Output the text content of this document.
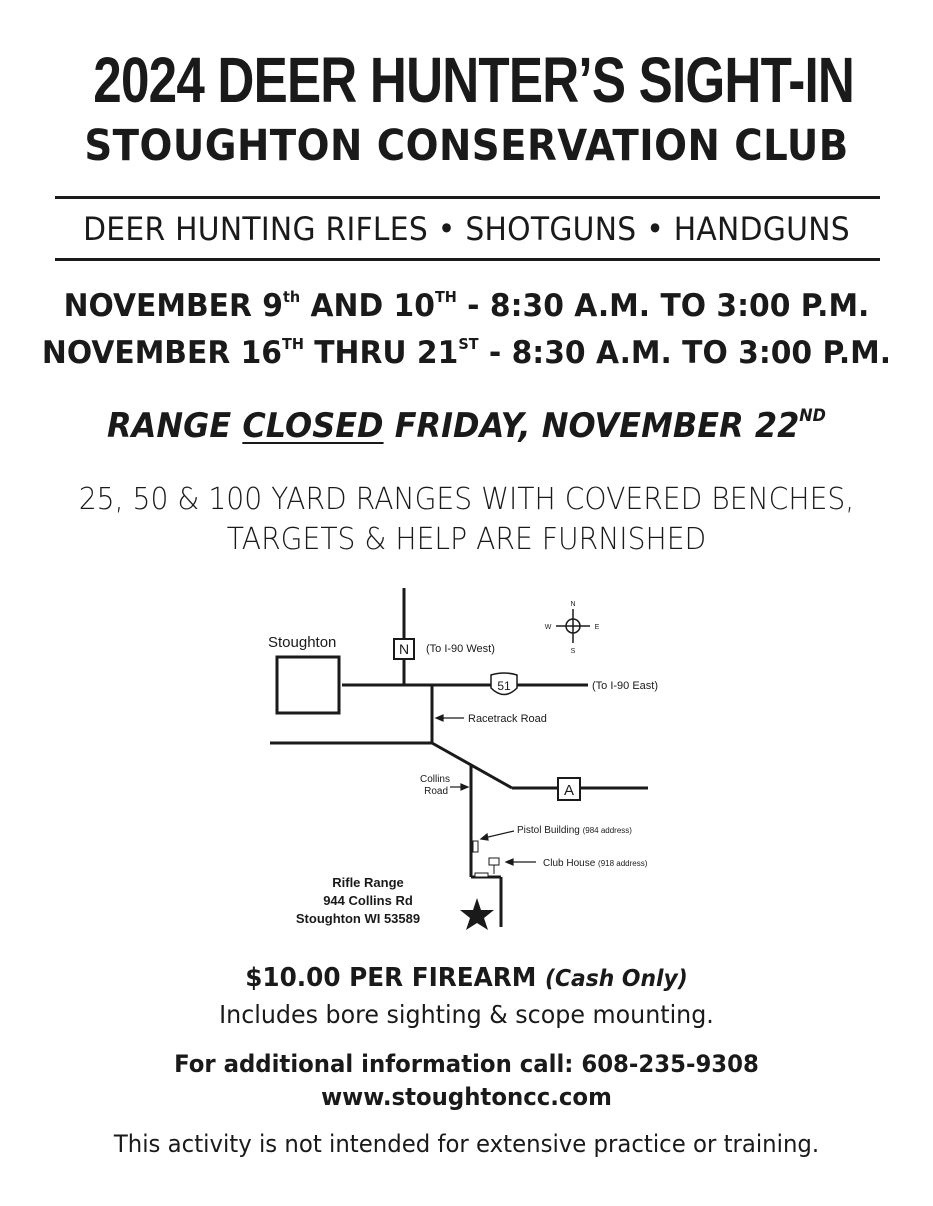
2024 DEER HUNTER’S SIGHT-IN
STOUGHTON CONSERVATION CLUB
DEER HUNTING RIFLES • SHOTGUNS • HANDGUNS
NOVEMBER 9th AND 10TH - 8:30 A.M. TO 3:00 P.M.
NOVEMBER 16TH THRU 21ST - 8:30 A.M. TO 3:00 P.M.
RANGE CLOSED FRIDAY, NOVEMBER 22ND
25, 50 & 100 YARD RANGES WITH COVERED BENCHES,
TARGETS & HELP ARE FURNISHED
Stoughton	N (To I-90 West)
51	(To I-90 East)
N
S
E
W
Racetrack Road
Collins
Road	A
Pistol Building (984 address)
Club House (918 address)
Rifle Range
944 Collins Rd
Stoughton WI 53589
$10.00 PER FIREARM (Cash Only)
Includes bore sighting & scope mounting.
For additional information call: 608-235-9308
www.stoughtoncc.com
This activity is not intended for extensive practice or training.
